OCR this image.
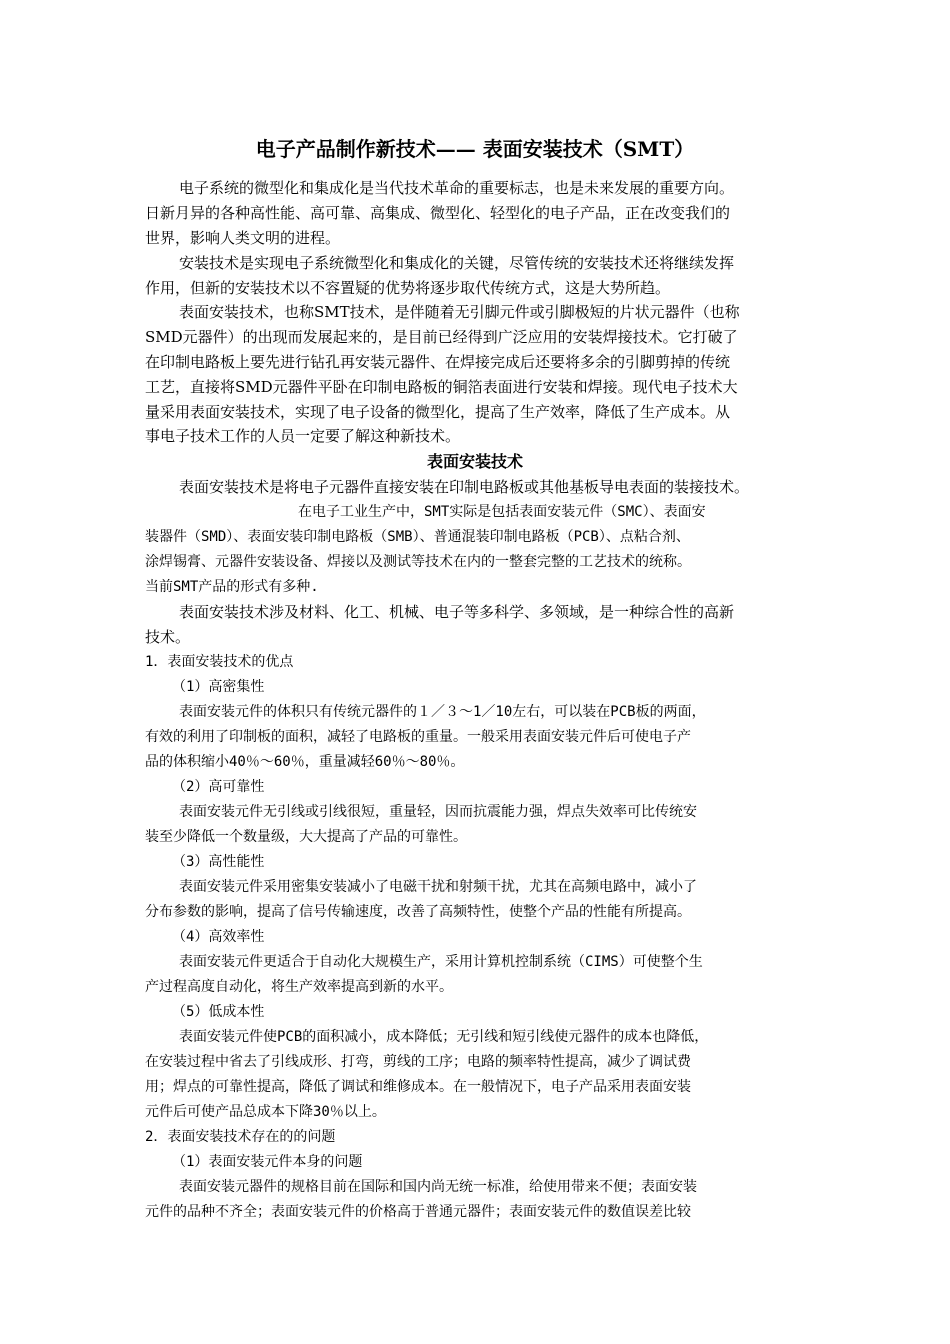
电子产品制作新技术—— 表面安装技术（SMT）
电子系统的微型化和集成化是当代技术革命的重要标志，也是未来发展的重要方向。
日新月异的各种高性能、高可靠、高集成、微型化、轻型化的电子产品，正在改变我们的
世界，影响人类文明的进程。
安装技术是实现电子系统微型化和集成化的关键，尽管传统的安装技术还将继续发挥
作用，但新的安装技术以不容置疑的优势将逐步取代传统方式，这是大势所趋。
表面安装技术，也称SMT技术，是伴随着无引脚元件或引脚极短的片状元器件（也称
SMD元器件）的出现而发展起来的，是目前已经得到广泛应用的安装焊接技术。它打破了
在印制电路板上要先进行钻孔再安装元器件、在焊接完成后还要将多余的引脚剪掉的传统
工艺，直接将SMD元器件平卧在印制电路板的铜箔表面进行安装和焊接。现代电子技术大
量采用表面安装技术，实现了电子设备的微型化，提高了生产效率，降低了生产成本。从
事电子技术工作的人员一定要了解这种新技术。
表面安装技术
表面安装技术是将电子元器件直接安装在印制电路板或其他基板导电表面的装接技术。
在电子工业生产中，SMT实际是包括表面安装元件（SMC）、表面安
装器件（SMD）、表面安装印制电路板（SMB）、普通混装印制电路板（PCB）、点粘合剂、
涂焊锡膏、元器件安装设备、焊接以及测试等技术在内的一整套完整的工艺技术的统称。
当前SMT产品的形式有多种.
表面安装技术涉及材料、化工、机械、电子等多科学、多领域，是一种综合性的高新
技术。
1．表面安装技术的优点
（1）高密集性
表面安装元件的体积只有传统元器件的１／３～1／10左右，可以装在PCB板的两面，
有效的利用了印制板的面积，减轻了电路板的重量。一般采用表面安装元件后可使电子产
品的体积缩小40％～60％，重量减轻60％～80％。
（2）高可靠性
表面安装元件无引线或引线很短，重量轻，因而抗震能力强，焊点失效率可比传统安
装至少降低一个数量级，大大提高了产品的可靠性。
（3）高性能性
表面安装元件采用密集安装减小了电磁干扰和射频干扰，尤其在高频电路中，减小了
分布参数的影响，提高了信号传输速度，改善了高频特性，使整个产品的性能有所提高。
（4）高效率性
表面安装元件更适合于自动化大规模生产，采用计算机控制系统（CIMS）可使整个生
产过程高度自动化，将生产效率提高到新的水平。
（5）低成本性
表面安装元件使PCB的面积减小，成本降低；无引线和短引线使元器件的成本也降低，
在安装过程中省去了引线成形、打弯，剪线的工序；电路的频率特性提高，减少了调试费
用；焊点的可靠性提高，降低了调试和维修成本。在一般情况下，电子产品采用表面安装
元件后可使产品总成本下降30％以上。
2．表面安装技术存在的的问题
（1）表面安装元件本身的问题
表面安装元器件的规格目前在国际和国内尚无统一标准，给使用带来不便；表面安装
元件的品种不齐全；表面安装元件的价格高于普通元器件；表面安装元件的数值误差比较
